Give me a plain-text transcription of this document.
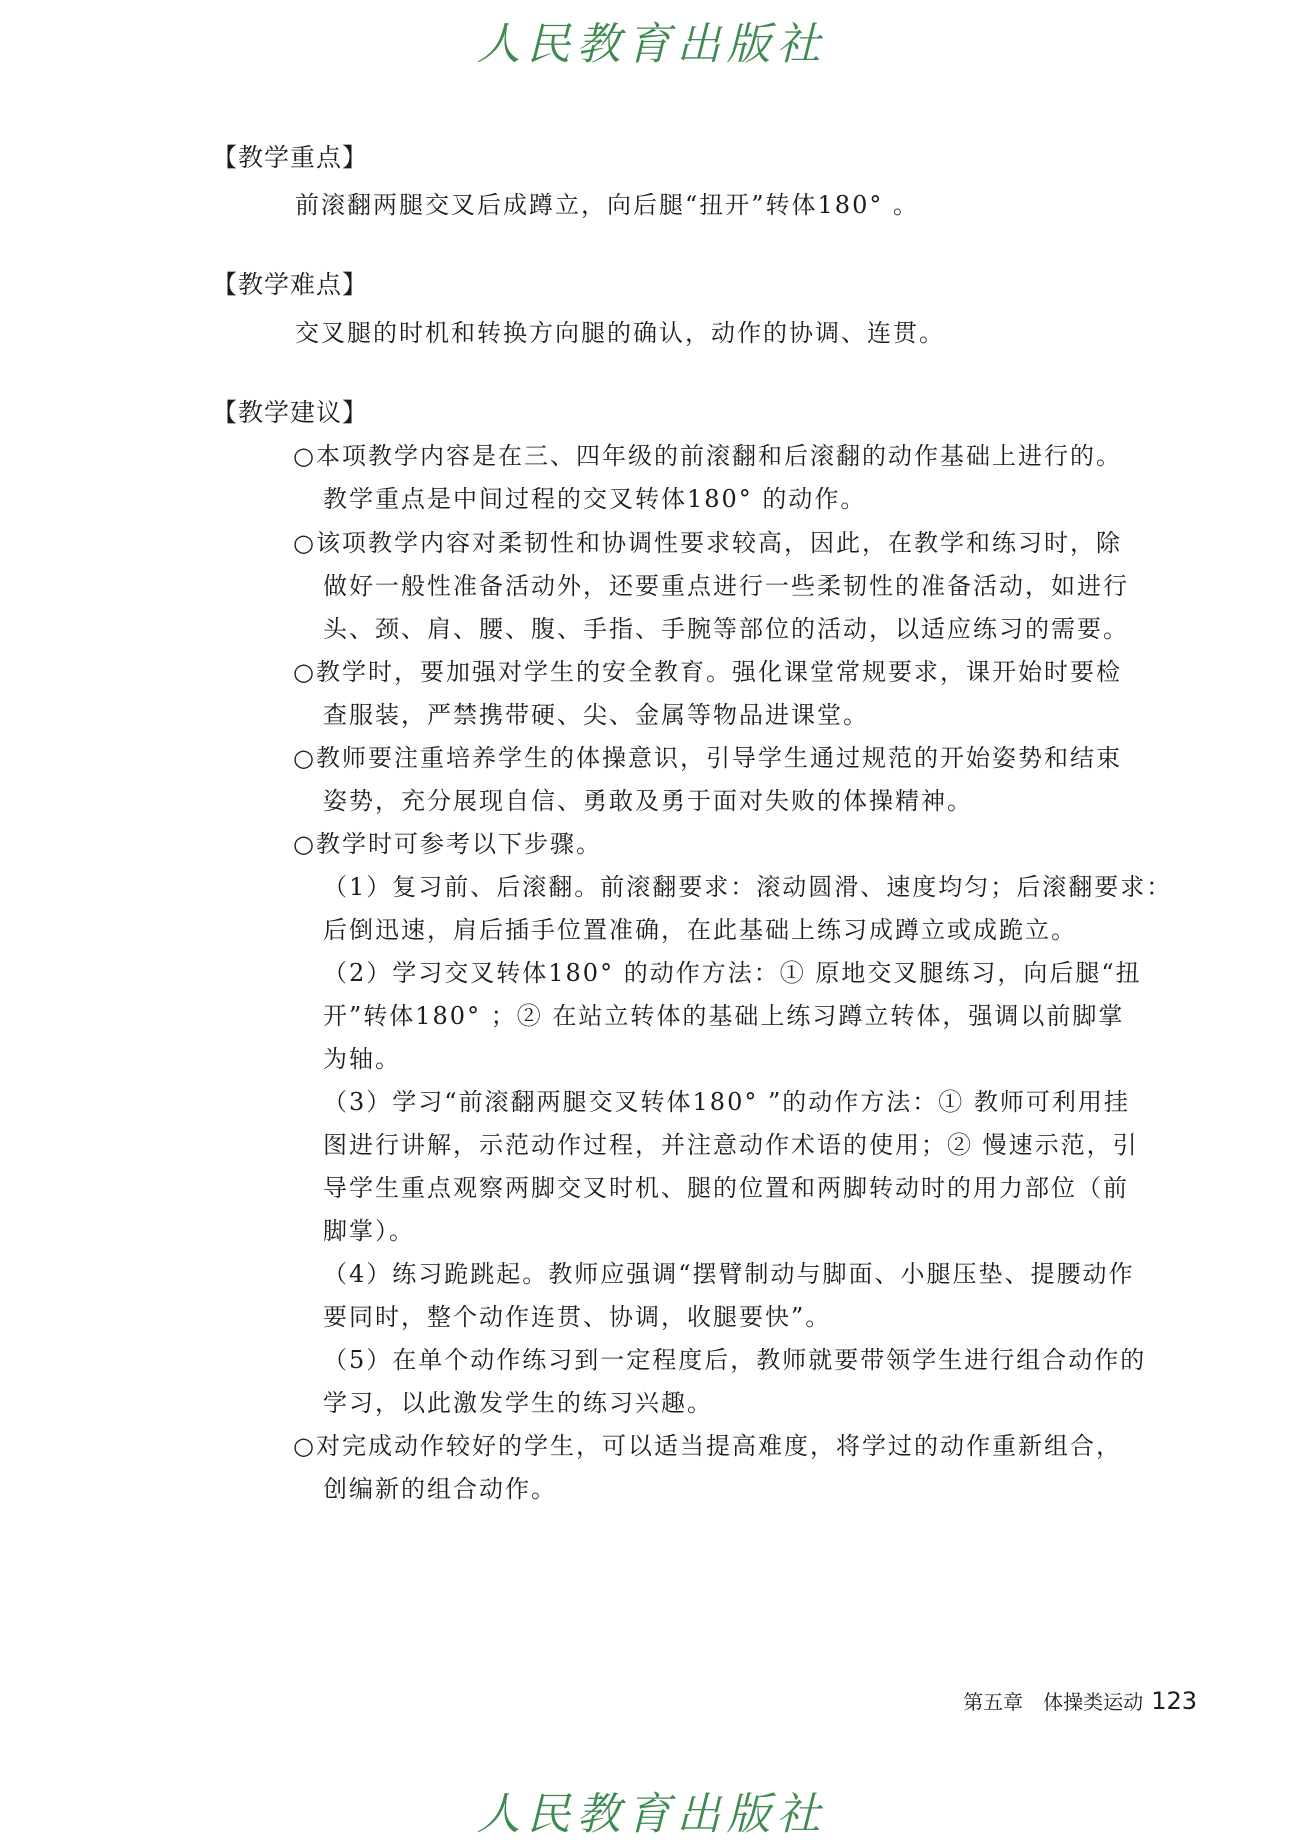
人民教育出版社
【教学重点】
前滚翻两腿交叉后成蹲立，向后腿“扭开”转体180° 。
【教学难点】
交叉腿的时机和转换方向腿的确认，动作的协调、连贯。
【教学建议】
○本项教学内容是在三、四年级的前滚翻和后滚翻的动作基础上进行的。
教学重点是中间过程的交叉转体180° 的动作。
○该项教学内容对柔韧性和协调性要求较高，因此，在教学和练习时，除
做好一般性准备活动外，还要重点进行一些柔韧性的准备活动，如进行
头、颈、肩、腰、腹、手指、手腕等部位的活动，以适应练习的需要。
○教学时，要加强对学生的安全教育。强化课堂常规要求，课开始时要检
查服装，严禁携带硬、尖、金属等物品进课堂。
○教师要注重培养学生的体操意识，引导学生通过规范的开始姿势和结束
姿势，充分展现自信、勇敢及勇于面对失败的体操精神。
○教学时可参考以下步骤。
（1）复习前、后滚翻。前滚翻要求：滚动圆滑、速度均匀；后滚翻要求：
后倒迅速，肩后插手位置准确，在此基础上练习成蹲立或成跪立。
（2）学习交叉转体180° 的动作方法：① 原地交叉腿练习，向后腿“扭
开”转体180° ；② 在站立转体的基础上练习蹲立转体，强调以前脚掌
为轴。
（3）学习“前滚翻两腿交叉转体180° ”的动作方法：① 教师可利用挂
图进行讲解，示范动作过程，并注意动作术语的使用；② 慢速示范，引
导学生重点观察两脚交叉时机、腿的位置和两脚转动时的用力部位（前
脚掌）。
（4）练习跪跳起。教师应强调“摆臂制动与脚面、小腿压垫、提腰动作
要同时，整个动作连贯、协调，收腿要快”。
（5）在单个动作练习到一定程度后，教师就要带领学生进行组合动作的
学习，以此激发学生的练习兴趣。
○对完成动作较好的学生，可以适当提高难度，将学过的动作重新组合，
创编新的组合动作。
第五章　体操类运动 123
人民教育出版社
